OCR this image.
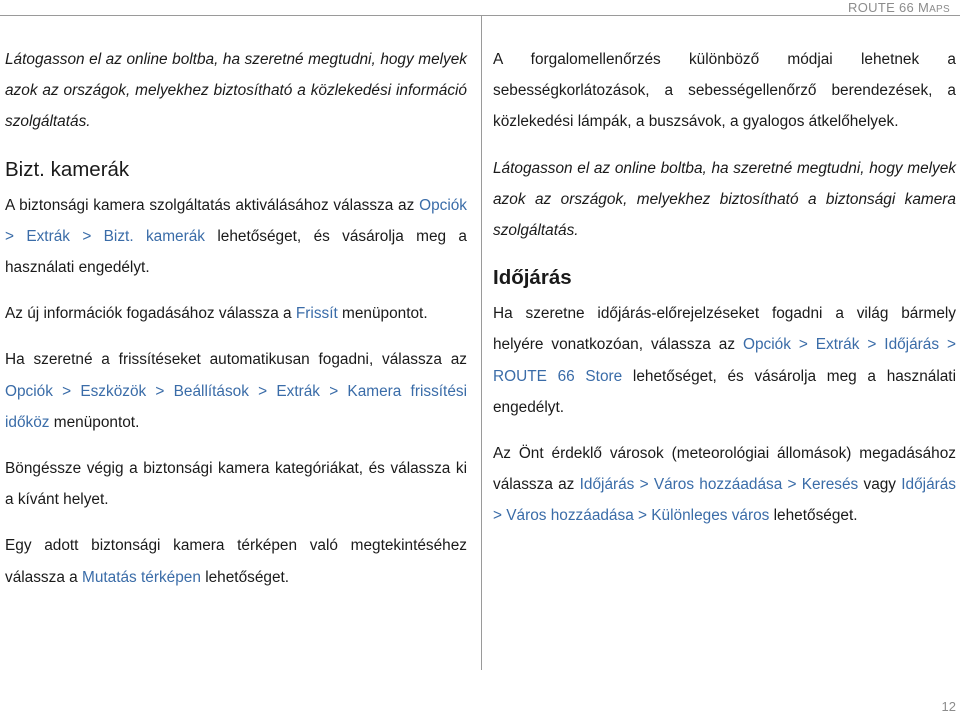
ROUTE 66 MAPS

Látogasson el az online boltba, ha szeretné megtudni, hogy melyek azok az országok, melyekhez biztosítható a közlekedési információ szolgáltatás.

Bizt. kamerák

A biztonsági kamera szolgáltatás aktiválásához válassza az Opciók > Extrák > Bizt. kamerák lehetőséget, és vásárolja meg a használati engedélyt.

Az új információk fogadásához válassza a Frissít menüpontot.

Ha szeretné a frissítéseket automatikusan fogadni, válassza az Opciók > Eszközök > Beállítások > Extrák > Kamera frissítési időköz menüpontot.

Böngéssze végig a biztonsági kamera kategóriákat, és válassza ki a kívánt helyet.

Egy adott biztonsági kamera térképen való megtekintéséhez válassza a Mutatás térképen lehetőséget.

A forgalomellenőrzés különböző módjai lehetnek a sebességkorlátozások, a sebességellenőrző berendezések, a közlekedési lámpák, a buszsávok, a gyalogos átkelőhelyek.

Látogasson el az online boltba, ha szeretné megtudni, hogy melyek azok az országok, melyekhez biztosítható a biztonsági kamera szolgáltatás.

Időjárás

Ha szeretne időjárás-előrejelzéseket fogadni a világ bármely helyére vonatkozóan, válassza az Opciók > Extrák > Időjárás > ROUTE 66 Store lehetőséget, és vásárolja meg a használati engedélyt.

Az Önt érdeklő városok (meteorológiai állomások) megadásához válassza az Időjárás > Város hozzáadása > Keresés vagy Időjárás > Város hozzáadása > Különleges város lehetőséget.

12
